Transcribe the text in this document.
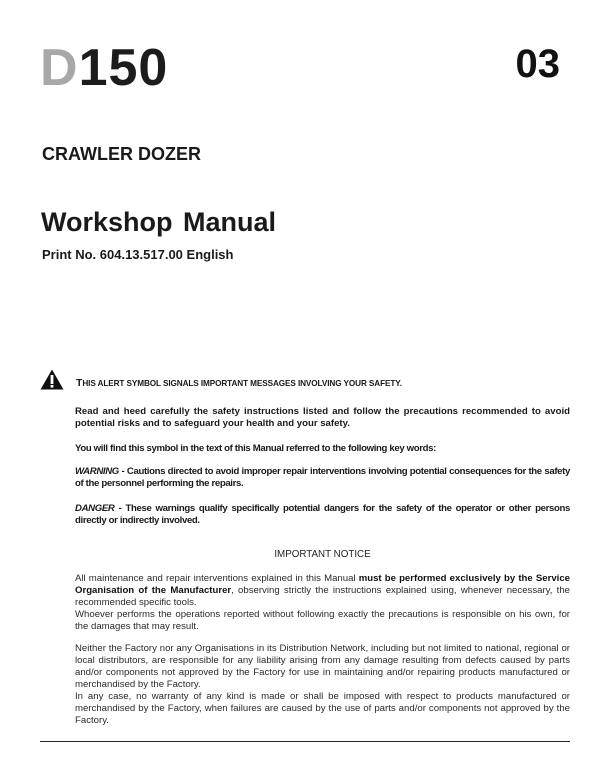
D150	03
CRAWLER DOZER
Workshop Manual
Print No. 604.13.517.00 English
THIS ALERT SYMBOL SIGNALS IMPORTANT MESSAGES INVOLVING YOUR SAFETY.
Read and heed carefully the safety instructions listed and follow the precautions recommended to avoid potential risks and to safeguard your health and your safety.
You will find this symbol in the text of this Manual referred to the following key words:
WARNING - Cautions directed to avoid improper repair interventions involving potential consequences for the safety of the personnel performing the repairs.
DANGER - These warnings qualify specifically potential dangers for the safety of the operator or other persons directly or indirectly involved.
IMPORTANT NOTICE
All maintenance and repair interventions explained in this Manual must be performed exclusively by the Service Organisation of the Manufacturer, observing strictly the instructions explained using, whenever necessary, the recommended specific tools.
Whoever performs the operations reported without following exactly the precautions is responsible on his own, for the damages that may result.
Neither the Factory nor any Organisations in its Distribution Network, including but not limited to national, regional or local distributors, are responsible for any liability arising from any damage resulting from defects caused by parts and/or components not approved by the Factory for use in maintaining and/or repairing products manufactured or merchandised by the Factory.
In any case, no warranty of any kind is made or shall be imposed with respect to products manufactured or merchandised by the Factory, when failures are caused by the use of parts and/or components not approved by the Factory.
